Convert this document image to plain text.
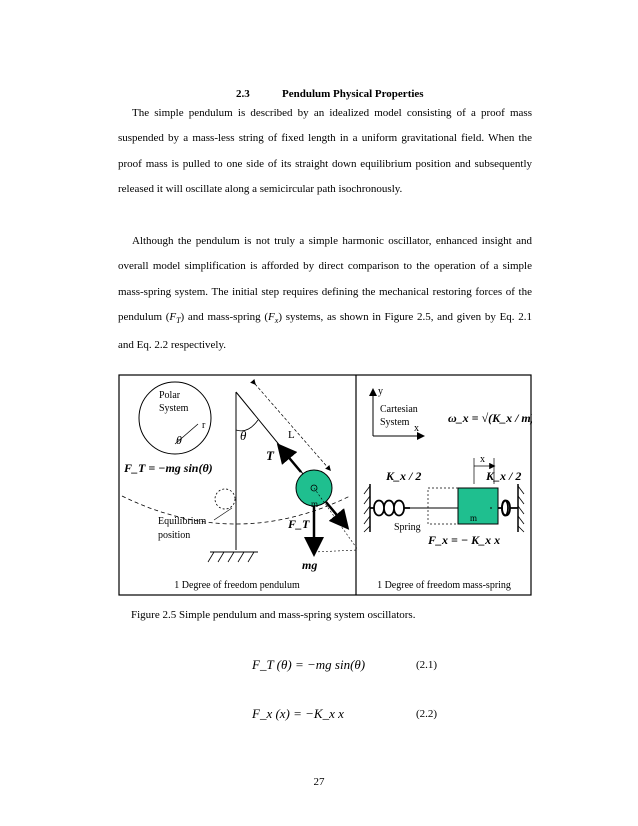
2.3	Pendulum Physical Properties

The simple pendulum is described by an idealized model consisting of a proof mass suspended by a mass-less string of fixed length in a uniform gravitational field. When the proof mass is pulled to one side of its straight down equilibrium position and subsequently released it will oscillate along a semicircular path isochronously.

Although the pendulum is not truly a simple harmonic oscillator, enhanced insight and overall model simplification is afforded by direct comparison to the operation of a simple mass-spring system. The initial step requires defining the mechanical restoring forces of the pendulum $(F_T)$ and mass-spring $(F_x)$ systems, as shown in Figure 2.5, and given by Eq. 2.1 and Eq. 2.2 respectively.

Polar
System
r
θ	L
θ
m
T
F_T
mg
F_T = −mg sin(θ)
Equilibrium
position
1 Degree of freedom pendulum
y
x
Cartesian
System	ω_x = √(K_x / m)
m
x
K_x / 2	K_x / 2
Spring
F_x = − K_x x
1 Degree of freedom mass-spring
Figure 2.5 Simple pendulum and mass-spring system oscillators.
F_T (θ) = −mg sin(θ)	(2.1)
F_x (x) = −K_x x	(2.2)
27
